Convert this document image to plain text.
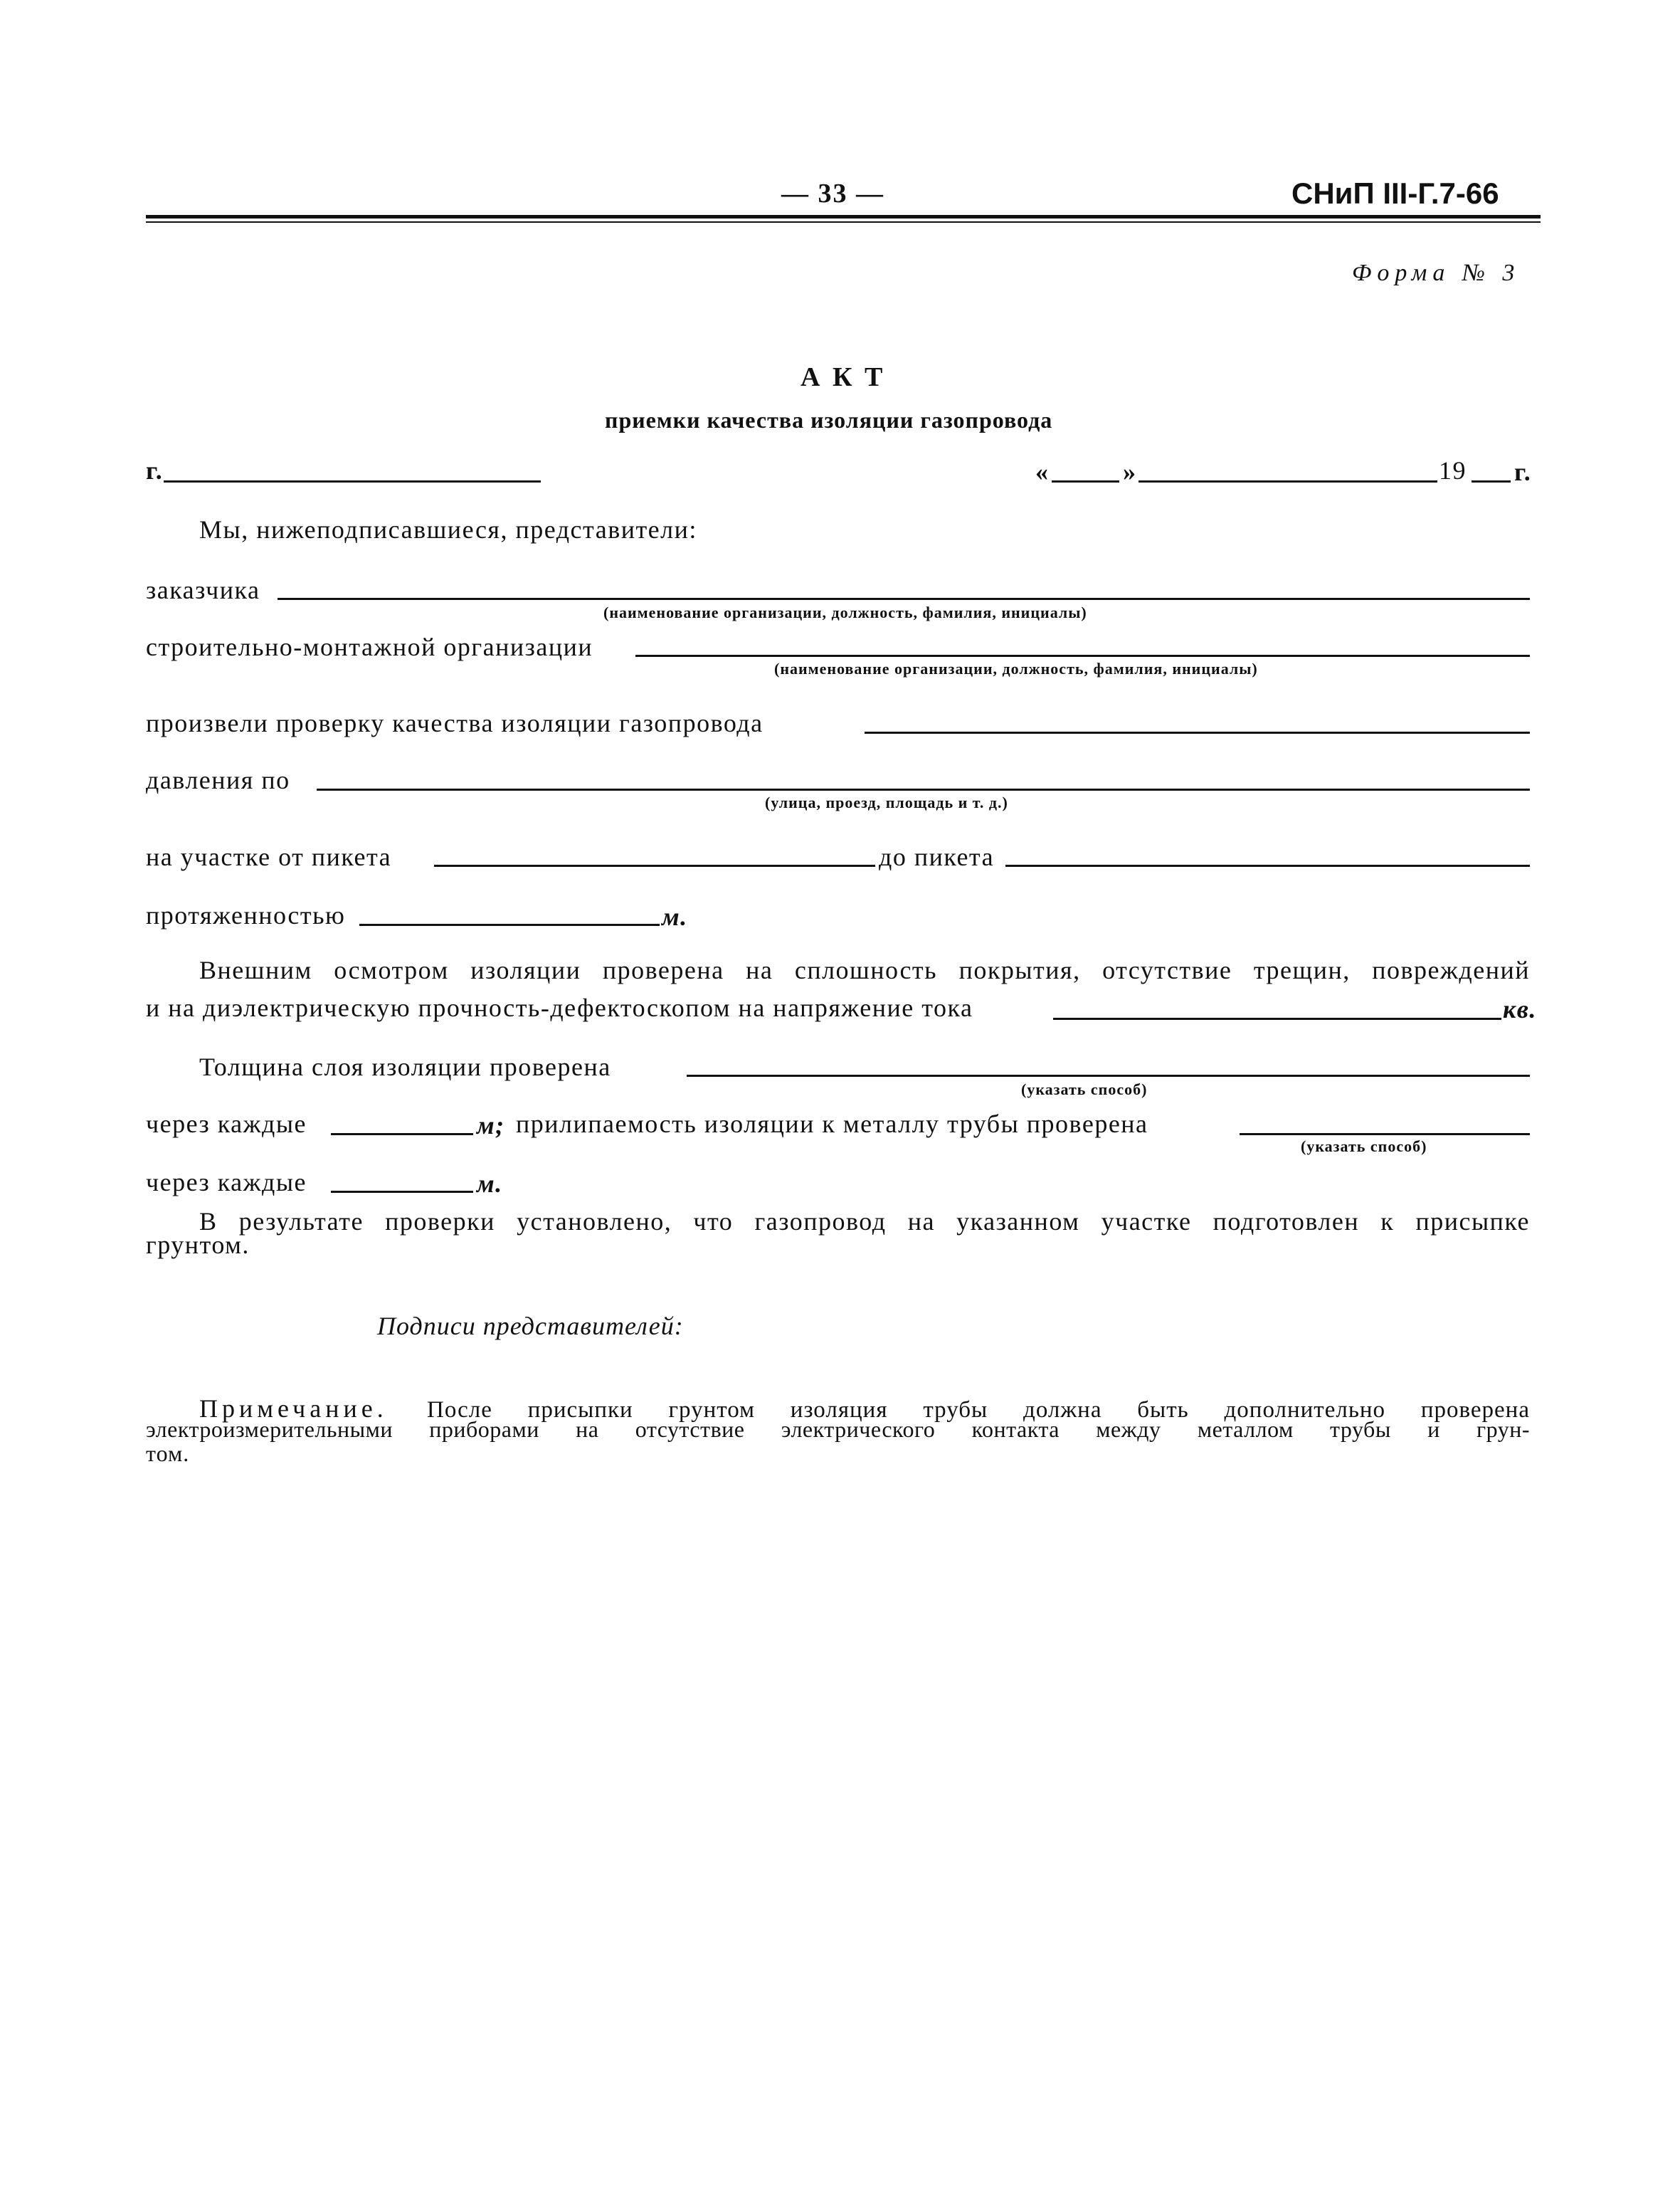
— 33 —	СНиП III-Г.7-66
Форма № 3
А К Т
приемки качества изоляции газопровода
г.	«	»	19 г.
Мы, нижеподписавшиеся, представители:
заказчика
(наименование организации, должность, фамилия, инициалы)
строительно-монтажной организации
(наименование организации, должность, фамилия, инициалы)
произвели проверку качества изоляции газопровода
давления по
(улица, проезд, площадь и т. д.)
на участке от пикета	до пикета
протяженностью	м.
Внешним осмотром изоляции проверена на сплошность покрытия, отсутствие трещин, повреждений
и на диэлектрическую прочность-дефектоскопом на напряжение тока	кв.
Толщина слоя изоляции проверена
(указать способ)
через каждые	м; прилипаемость изоляции к металлу трубы проверена
(указать способ)
через каждые	м.
В результате проверки установлено, что газопровод на указанном участке подготовлен к присыпке
грунтом.
Подписи представителей:
Примечание. После присыпки грунтом изоляция трубы должна быть дополнительно проверена
электроизмерительными приборами на отсутствие электрического контакта между металлом трубы и грун-
том.
